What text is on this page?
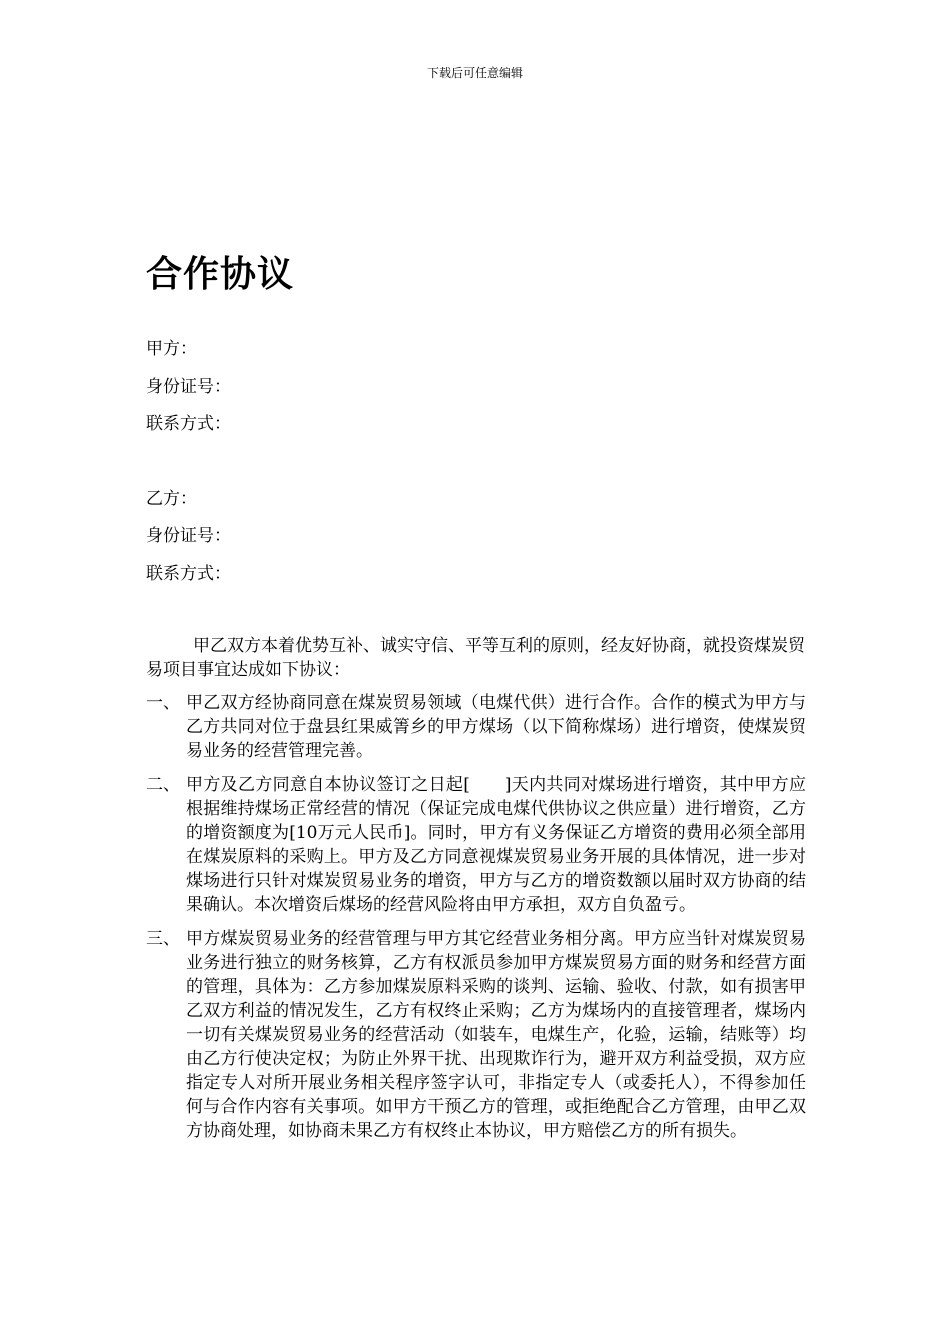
下载后可任意编辑
合作协议
甲方：
身份证号：
联系方式：
乙方：
身份证号：
联系方式：

甲乙双方本着优势互补、诚实守信、平等互利的原则，经友好协商，就投资煤炭贸易项目事宜达成如下协议：

一、 甲乙双方经协商同意在煤炭贸易领域（电煤代供）进行合作。合作的模式为甲方与乙方共同对位于盘县红果威箐乡的甲方煤场（以下简称煤场）进行增资，使煤炭贸易业务的经营管理完善。
二、 甲方及乙方同意自本协议签订之日起[　　]天内共同对煤场进行增资，其中甲方应根据维持煤场正常经营的情况（保证完成电煤代供协议之供应量）进行增资，乙方的增资额度为[10万元人民币]。同时，甲方有义务保证乙方增资的费用必须全部用在煤炭原料的采购上。甲方及乙方同意视煤炭贸易业务开展的具体情况，进一步对煤场进行只针对煤炭贸易业务的增资，甲方与乙方的增资数额以届时双方协商的结果确认。本次增资后煤场的经营风险将由甲方承担，双方自负盈亏。
三、 甲方煤炭贸易业务的经营管理与甲方其它经营业务相分离。甲方应当针对煤炭贸易业务进行独立的财务核算，乙方有权派员参加甲方煤炭贸易方面的财务和经营方面的管理，具体为：乙方参加煤炭原料采购的谈判、运输、验收、付款，如有损害甲乙双方利益的情况发生，乙方有权终止采购；乙方为煤场内的直接管理者，煤场内一切有关煤炭贸易业务的经营活动（如装车，电煤生产，化验，运输，结账等）均由乙方行使决定权；为防止外界干扰、出现欺诈行为，避开双方利益受损，双方应指定专人对所开展业务相关程序签字认可，非指定专人（或委托人），不得参加任何与合作内容有关事项。如甲方干预乙方的管理，或拒绝配合乙方管理，由甲乙双方协商处理，如协商未果乙方有权终止本协议，甲方赔偿乙方的所有损失。
